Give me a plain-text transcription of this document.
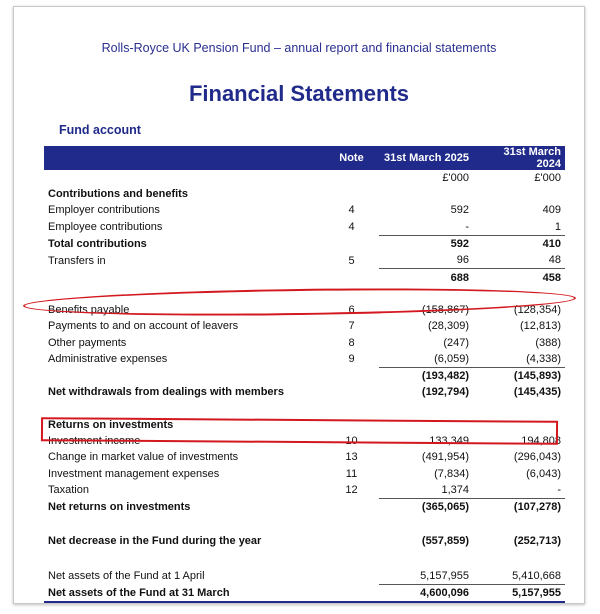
Rolls-Royce UK Pension Fund – annual report and financial statements
Financial Statements
Fund account
	Note	31st March 2025	31st March 2024
		£'000	£'000
Contributions and benefits			
Employer contributions	4	592	409
Employee contributions	4	-	1
Total contributions		592	410
Transfers in	5	96	48
		688	458

Benefits payable	6	(158,867)	(128,354)
Payments to and on account of leavers	7	(28,309)	(12,813)
Other payments	8	(247)	(388)
Administrative expenses	9	(6,059)	(4,338)
		(193,482)	(145,893)
Net withdrawals from dealings with members		(192,794)	(145,435)

Returns on investments			
Investment income	10	133,349	194,808
Change in market value of investments	13	(491,954)	(296,043)
Investment management expenses	11	(7,834)	(6,043)
Taxation	12	1,374	-
Net returns on investments		(365,065)	(107,278)

Net decrease in the Fund during the year		(557,859)	(252,713)

Net assets of the Fund at 1 April		5,157,955	5,410,668
Net assets of the Fund at 31 March		4,600,096	5,157,955
